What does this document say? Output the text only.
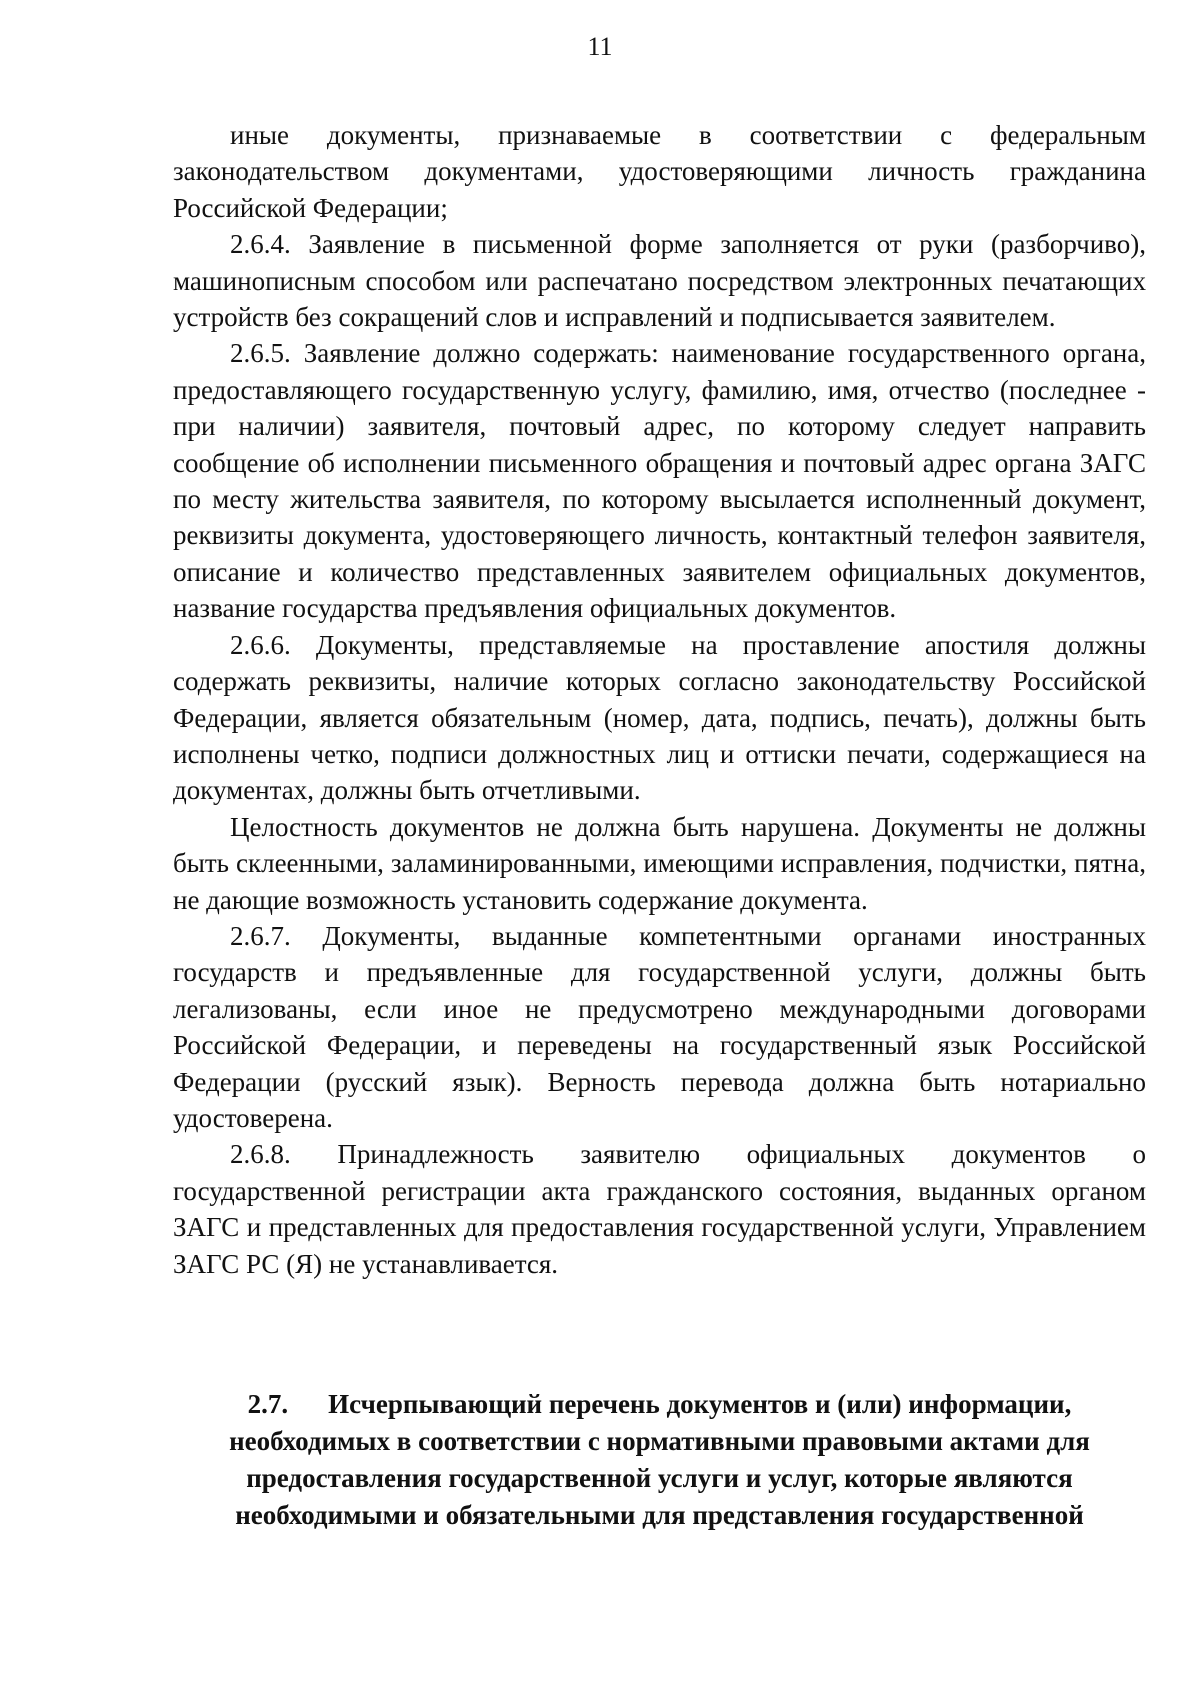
11

иные документы, признаваемые в соответствии с федеральным законодательством документами, удостоверяющими личность гражданина Российской Федерации;

2.6.4. Заявление в письменной форме заполняется от руки (разборчиво), машинописным способом или распечатано посредством электронных печатающих устройств без сокращений слов и исправлений и подписывается заявителем.

2.6.5. Заявление должно содержать: наименование государственного органа, предоставляющего государственную услугу, фамилию, имя, отчество (последнее - при наличии) заявителя, почтовый адрес, по которому следует направить сообщение об исполнении письменного обращения и почтовый адрес органа ЗАГС по месту жительства заявителя, по которому высылается исполненный документ, реквизиты документа, удостоверяющего личность, контактный телефон заявителя, описание и количество представленных заявителем официальных документов, название государства предъявления официальных документов.

2.6.6. Документы, представляемые на проставление апостиля должны содержать реквизиты, наличие которых согласно законодательству Российской Федерации, является обязательным (номер, дата, подпись, печать), должны быть исполнены четко, подписи должностных лиц и оттиски печати, содержащиеся на документах, должны быть отчетливыми.

Целостность документов не должна быть нарушена. Документы не должны быть склеенными, заламинированными, имеющими исправления, подчистки, пятна, не дающие возможность установить содержание документа.

2.6.7. Документы, выданные компетентными органами иностранных государств и предъявленные для государственной услуги, должны быть легализованы, если иное не предусмотрено международными договорами Российской Федерации, и переведены на государственный язык Российской Федерации (русский язык). Верность перевода должна быть нотариально удостоверена.

2.6.8. Принадлежность заявителю официальных документов о государственной регистрации акта гражданского состояния, выданных органом ЗАГС и представленных для предоставления государственной услуги, Управлением ЗАГС РС (Я) не устанавливается.

2.7. Исчерпывающий перечень документов и (или) информации, необходимых в соответствии с нормативными правовыми актами для предоставления государственной услуги и услуг, которые являются необходимыми и обязательными для представления государственной
